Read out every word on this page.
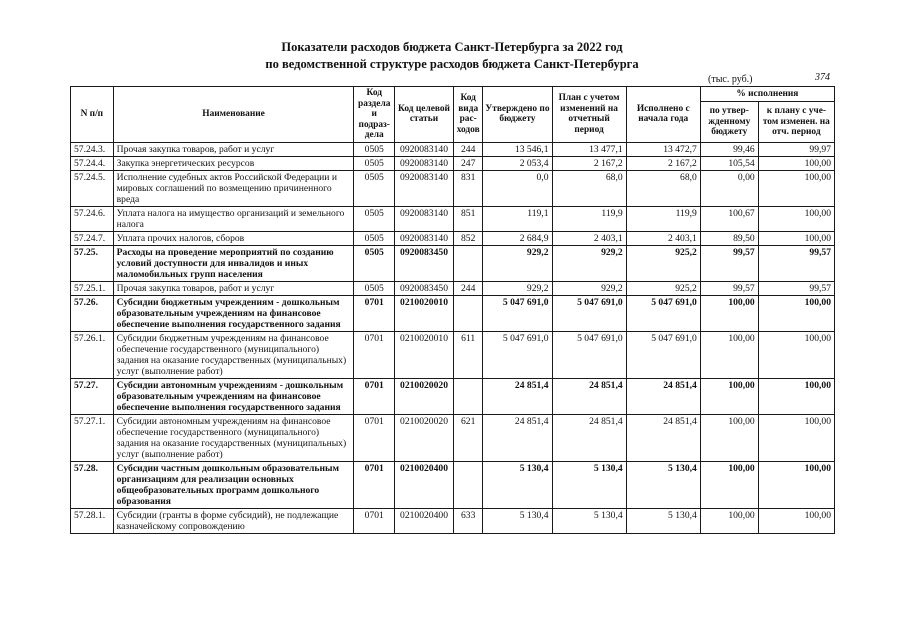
Показатели расходов бюджета Санкт-Петербурга за 2022 год
по ведомственной структуре расходов бюджета Санкт-Петербурга
(тыс. руб.)	374
N п/п	Наименование	Код раздела и подраз-дела	Код целевой статьи	Код вида рас-ходов	Утверждено по бюджету	План с учетом изменений на отчетный период	Исполнено с начала года	% исполнения	
								по утвер-жденному бюджету	к плану с уче-том изменен. на отч. период
57.24.3.	Прочая закупка товаров, работ и услуг	0505	0920083140	244	13 546,1	13 477,1	13 472,7	99,46	99,97
57.24.4.	Закупка энергетических ресурсов	0505	0920083140	247	2 053,4	2 167,2	2 167,2	105,54	100,00
57.24.5.	Исполнение судебных актов Российской Федерации и мировых соглашений по возмещению причиненного вреда	0505	0920083140	831	0,0	68,0	68,0	0,00	100,00
57.24.6.	Уплата налога на имущество организаций и земельного налога	0505	0920083140	851	119,1	119,9	119,9	100,67	100,00
57.24.7.	Уплата прочих налогов, сборов	0505	0920083140	852	2 684,9	2 403,1	2 403,1	89,50	100,00
57.25.	Расходы на проведение мероприятий по созданию условий доступности для инвалидов и иных маломобильных групп населения	0505	0920083450		929,2	929,2	925,2	99,57	99,57
57.25.1.	Прочая закупка товаров, работ и услуг	0505	0920083450	244	929,2	929,2	925,2	99,57	99,57
57.26.	Субсидии бюджетным учреждениям - дошкольным образовательным учреждениям на финансовое обеспечение выполнения государственного задания	0701	0210020010		5 047 691,0	5 047 691,0	5 047 691,0	100,00	100,00
57.26.1.	Субсидии бюджетным учреждениям на финансовое обеспечение государственного (муниципального) задания на оказание государственных (муниципальных) услуг (выполнение работ)	0701	0210020010	611	5 047 691,0	5 047 691,0	5 047 691,0	100,00	100,00
57.27.	Субсидии автономным учреждениям - дошкольным образовательным учреждениям на финансовое обеспечение выполнения государственного задания	0701	0210020020		24 851,4	24 851,4	24 851,4	100,00	100,00
57.27.1.	Субсидии автономным учреждениям на финансовое обеспечение государственного (муниципального) задания на оказание государственных (муниципальных) услуг (выполнение работ)	0701	0210020020	621	24 851,4	24 851,4	24 851,4	100,00	100,00
57.28.	Субсидии частным дошкольным образовательным организациям для реализации основных общеобразовательных программ дошкольного образования	0701	0210020400		5 130,4	5 130,4	5 130,4	100,00	100,00
57.28.1.	Субсидии (гранты в форме субсидий), не подлежащие казначейскому сопровождению	0701	0210020400	633	5 130,4	5 130,4	5 130,4	100,00	100,00
